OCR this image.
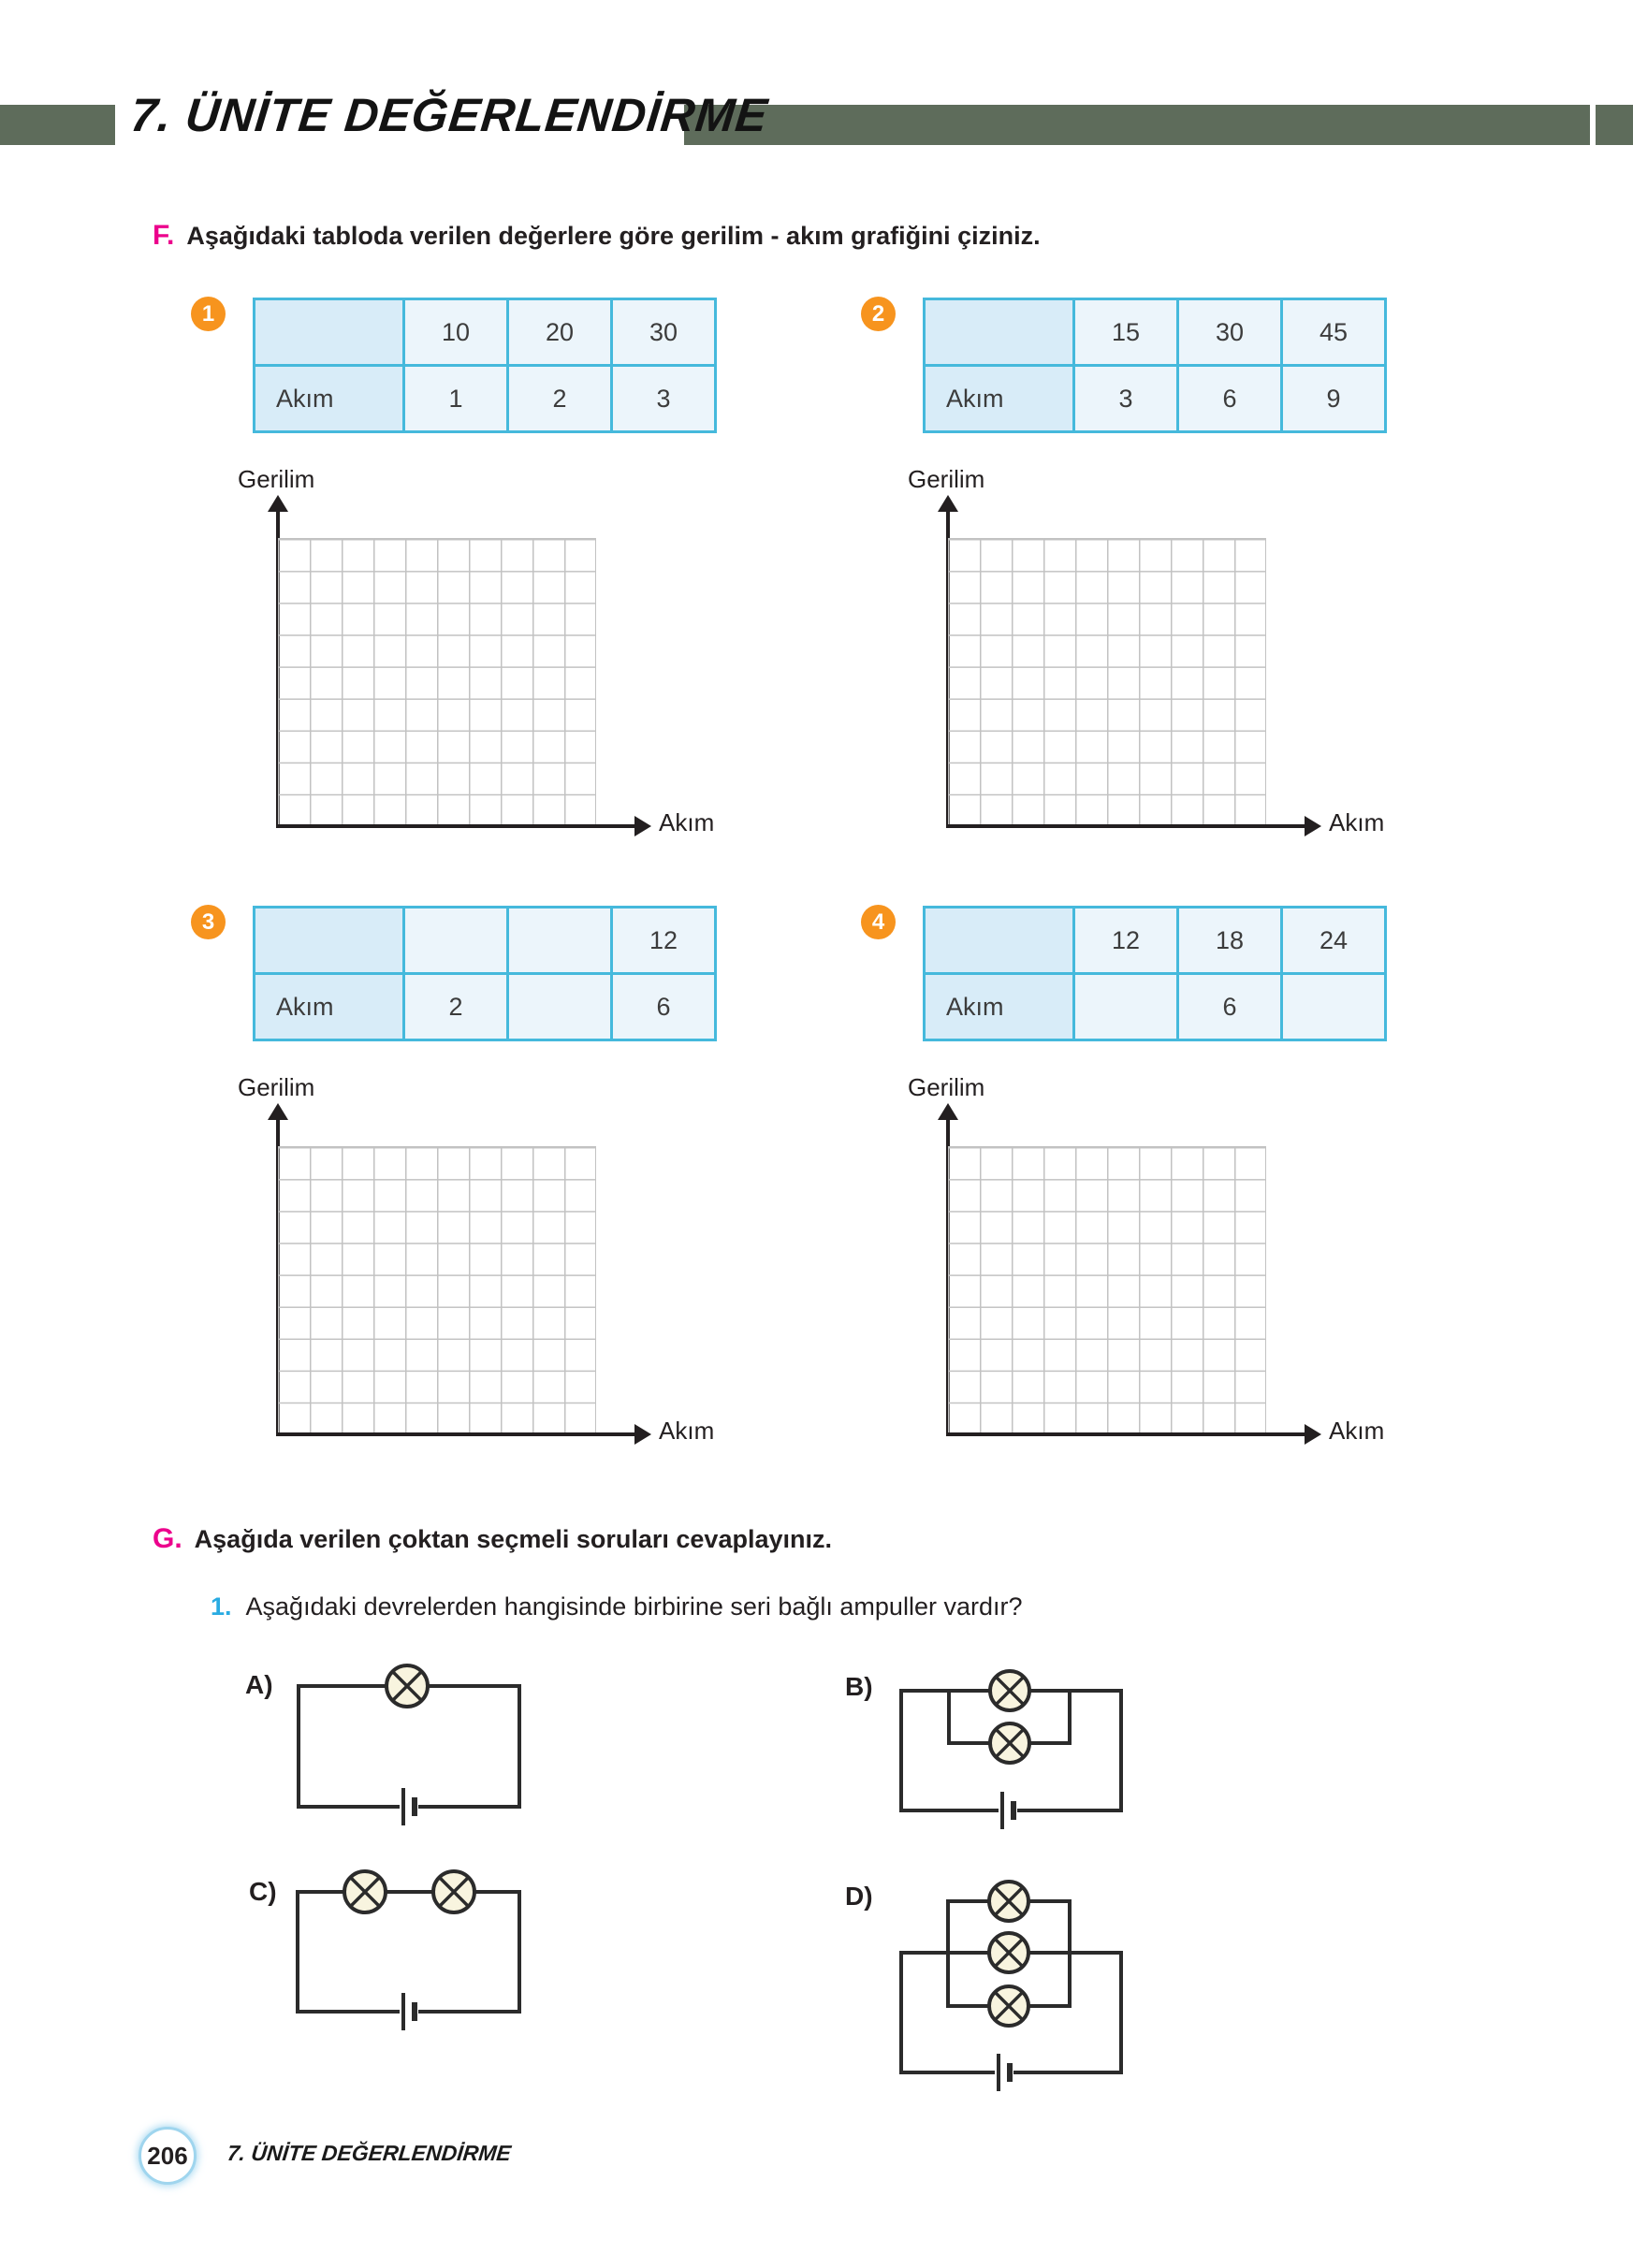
7. ÜNİTE DEĞERLENDİRME
F. Aşağıdaki tabloda verilen değerlere göre gerilim - akım grafiğini çiziniz.
1
	10	20	30
Akım	1	2	3
2
	15	30	45
Akım	3	6	9
Gerilim
Akım
Gerilim
Akım
3
			12
Akım	2		6
4
	12	18	24
Akım		6	
Gerilim
Akım
Gerilim
Akım
G. Aşağıda verilen çoktan seçmeli soruları cevaplayınız.
1. Aşağıdaki devrelerden hangisinde birbirine seri bağlı ampuller vardır?
A)	B)
C)	D)
206	7. ÜNİTE DEĞERLENDİRME
